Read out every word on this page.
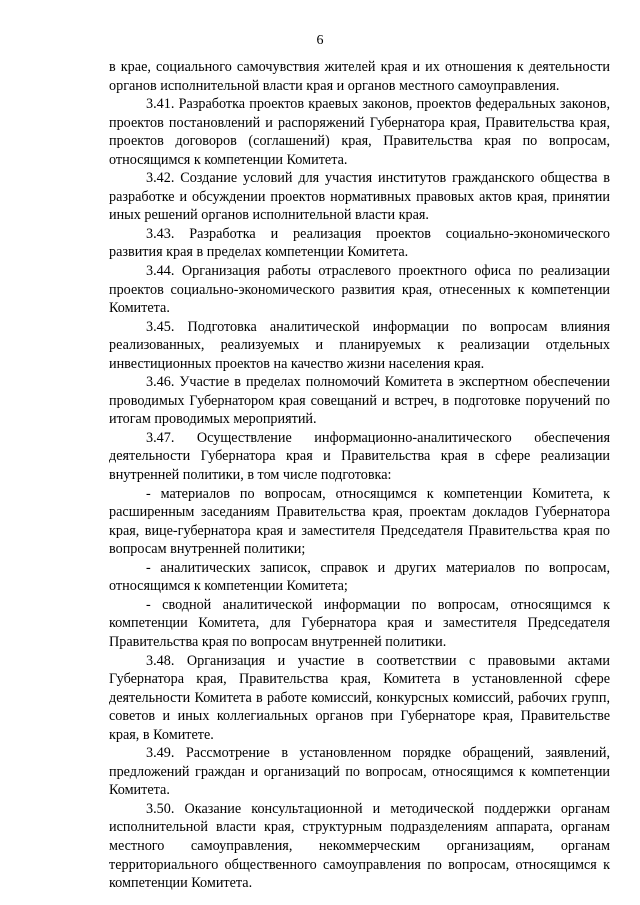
6

в крае, социального самочувствия жителей края и их отношения к деятельности органов исполнительной власти края и органов местного самоуправления.

3.41. Разработка проектов краевых законов, проектов федеральных законов, проектов постановлений и распоряжений Губернатора края, Правительства края, проектов договоров (соглашений) края, Правительства края по вопросам, относящимся к компетенции Комитета.

3.42. Создание условий для участия институтов гражданского общества в разработке и обсуждении проектов нормативных правовых актов края, принятии иных решений органов исполнительной власти края.

3.43. Разработка и реализация проектов социально-экономического развития края в пределах компетенции Комитета.

3.44. Организация работы отраслевого проектного офиса по реализации проектов социально-экономического развития края, отнесенных к компетенции Комитета.

3.45. Подготовка аналитической информации по вопросам влияния реализованных, реализуемых и планируемых к реализации отдельных инвестиционных проектов на качество жизни населения края.

3.46. Участие в пределах полномочий Комитета в экспертном обеспечении проводимых Губернатором края совещаний и встреч, в подготовке поручений по итогам проводимых мероприятий.

3.47. Осуществление информационно-аналитического обеспечения деятельности Губернатора края и Правительства края в сфере реализации внутренней политики, в том числе подготовка:

- материалов по вопросам, относящимся к компетенции Комитета, к расширенным заседаниям Правительства края, проектам докладов Губернатора края, вице-губернатора края и заместителя Председателя Правительства края по вопросам внутренней политики;

- аналитических записок, справок и других материалов по вопросам, относящимся к компетенции Комитета;

- сводной аналитической информации по вопросам, относящимся к компетенции Комитета, для Губернатора края и заместителя Председателя Правительства края по вопросам внутренней политики.

3.48. Организация и участие в соответствии с правовыми актами Губернатора края, Правительства края, Комитета в установленной сфере деятельности Комитета в работе комиссий, конкурсных комиссий, рабочих групп, советов и иных коллегиальных органов при Губернаторе края, Правительстве края, в Комитете.

3.49. Рассмотрение в установленном порядке обращений, заявлений, предложений граждан и организаций по вопросам, относящимся к компетенции Комитета.

3.50. Оказание консультационной и методической поддержки органам исполнительной власти края, структурным подразделениям аппарата, органам местного самоуправления, некоммерческим организациям, органам территориального общественного самоуправления по вопросам, относящимся к компетенции Комитета.
